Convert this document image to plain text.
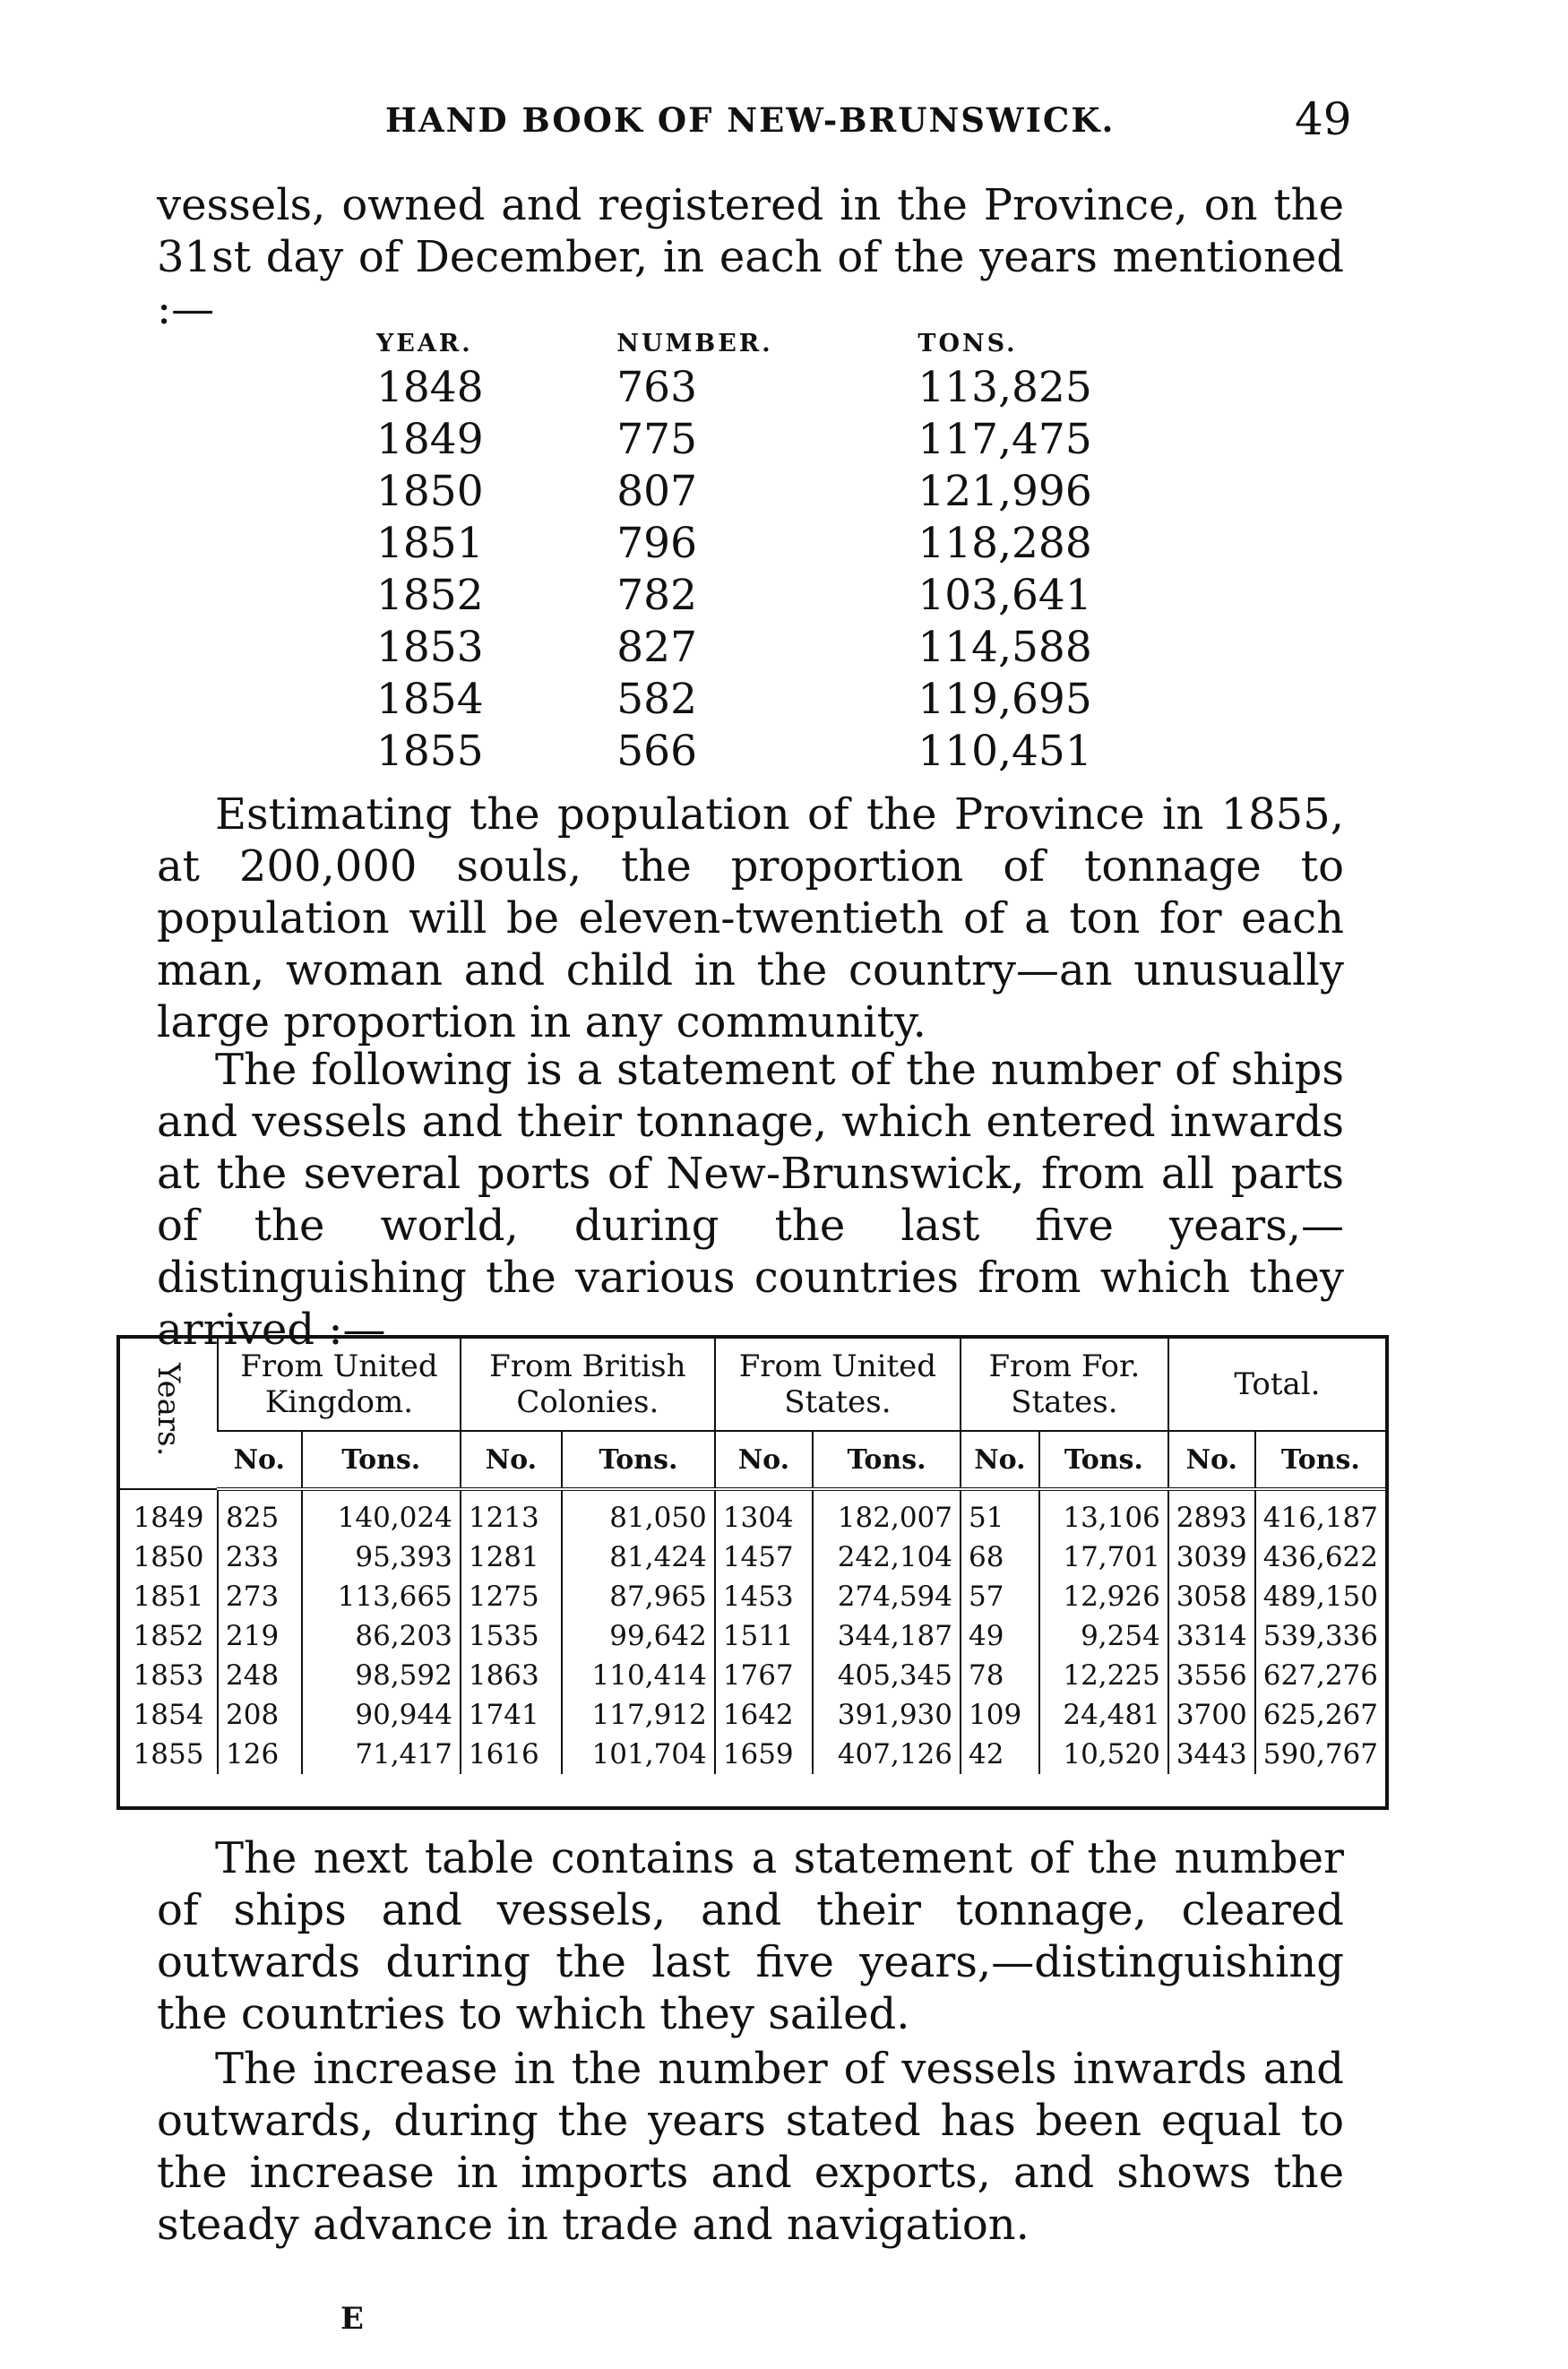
HAND BOOK OF NEW-BRUNSWICK.	49

vessels, owned and registered in the Province, on the 31st day of December, in each of the years mentioned :—

YEAR.	NUMBER.	TONS.
1848	763	113,825
1849	775	117,475
1850	807	121,996
1851	796	118,288
1852	782	103,641
1853	827	114,588
1854	582	119,695
1855	566	110,451

Estimating the population of the Province in 1855, at 200,000 souls, the proportion of tonnage to population will be eleven-twentieth of a ton for each man, woman and child in the country—an unusually large proportion in any community.

The following is a statement of the number of ships and vessels and their tonnage, which entered inwards at the several ports of New-Brunswick, from all parts of the world, during the last five years,—distinguishing the various countries from which they arrived :—

Years.	From United Kingdom.		From British Colonies.		From United States.		From For. States.		Total.	
	No.	Tons.	No.	Tons.	No.	Tons.	No.	Tons.	No.	Tons.
1849	825	140,024	1213	81,050	1304	182,007	51	13,106	2893	416,187
1850	233	95,393	1281	81,424	1457	242,104	68	17,701	3039	436,622
1851	273	113,665	1275	87,965	1453	274,594	57	12,926	3058	489,150
1852	219	86,203	1535	99,642	1511	344,187	49	9,254	3314	539,336
1853	248	98,592	1863	110,414	1767	405,345	78	12,225	3556	627,276
1854	208	90,944	1741	117,912	1642	391,930	109	24,481	3700	625,267
1855	126	71,417	1616	101,704	1659	407,126	42	10,520	3443	590,767

The next table contains a statement of the number of ships and vessels, and their tonnage, cleared outwards during the last five years,—distinguishing the countries to which they sailed.

The increase in the number of vessels inwards and outwards, during the years stated has been equal to the increase in imports and exports, and shows the steady advance in trade and navigation.

E
